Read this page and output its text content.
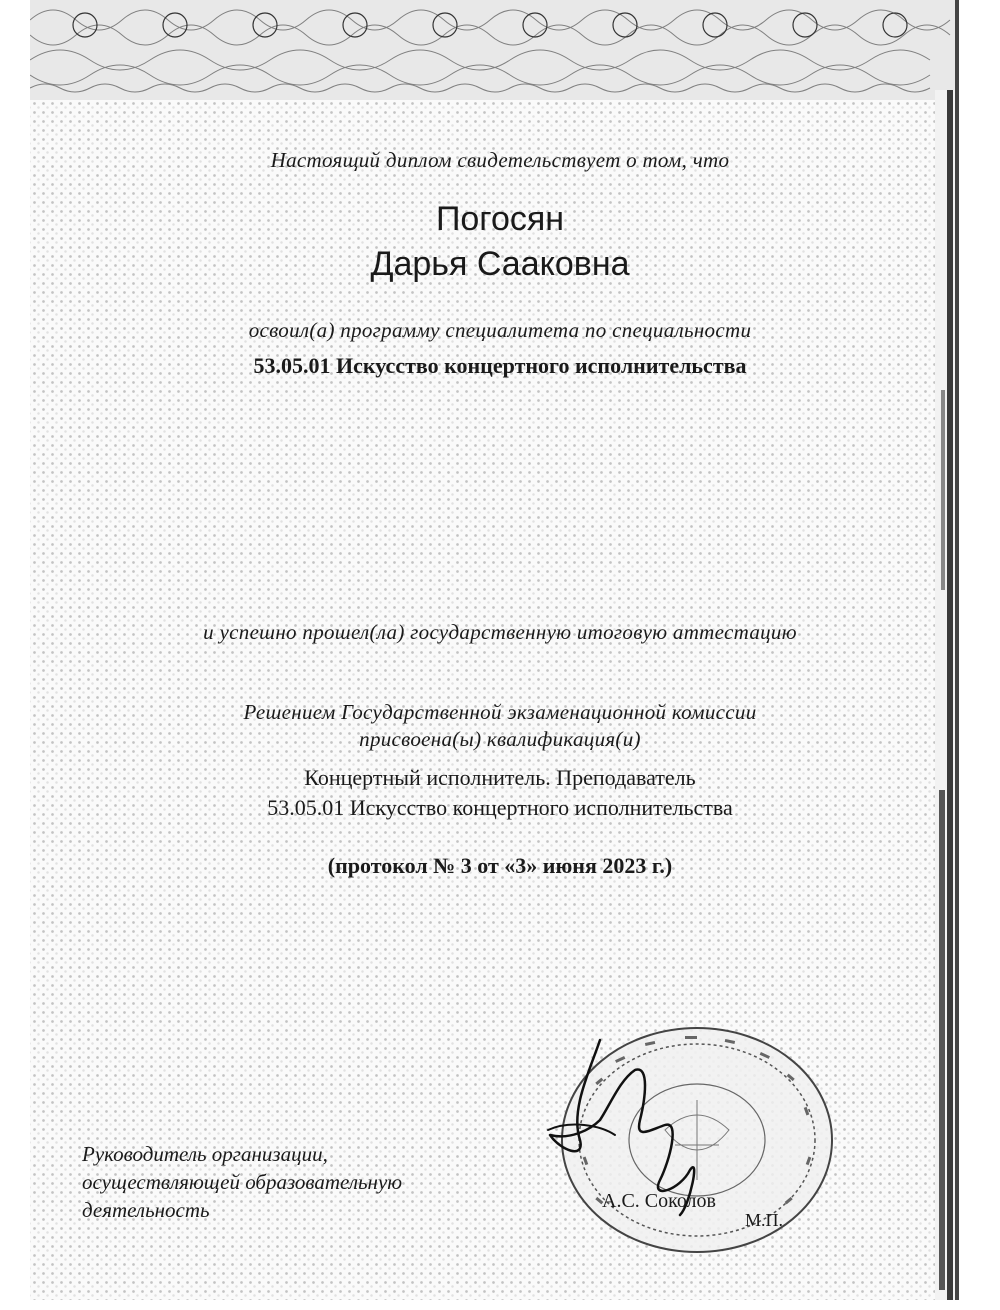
Настоящий диплом свидетельствует о том, что
Погосян
Дарья Сааковна
освоил(а) программу специалитета по специальности
53.05.01 Искусство концертного исполнительства
и успешно прошел(ла) государственную итоговую аттестацию
Решением Государственной экзаменационной комиссии
присвоена(ы) квалификация(и)
Концертный исполнитель. Преподаватель
53.05.01 Искусство концертного исполнительства
(протокол № 3 от «3» июня 2023 г.)
Руководитель организации,
осуществляющей образовательную
деятельность	А.С. Соколов
М.П.
